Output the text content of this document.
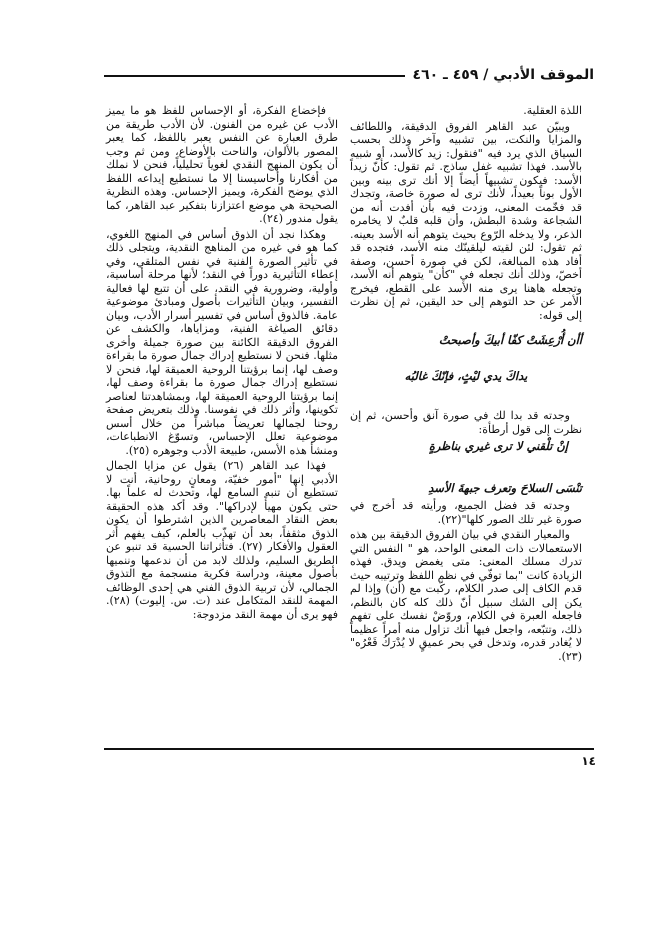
الموقف الأدبي / ٤٥٩ ـ ٤٦٠

اللذة العقلية.

ويبيّن عبد القاهر الفروق الدقيقة، واللطائف والمزايا والنكت، بين تشبيه وآخر وذلك بحسب السياق الذي يرد فيه "فنقول: زيد كالأسد، أو شبيه بالأسد. فهذا تشبيه غفل ساذج. ثم تقول: كأنّ زيداً الأسد: فيكون تشبيهاً أيضاً إلا أنك ترى بينه وبين الأول بوناً بعيداً، لأنك ترى له صورة خاصة، وتجدك قد فخّمت المعنى، وزدت فيه بأن أفدت أنه من الشجاعة وشدة البطش، وأن قلبه قلبٌ لا يخامره الذعر، ولا يدخله الرّوع بحيث يتوهم أنه الأسد بعينه. ثم تقول: لئن لقيته ليلقينّك منه الأسد، فتجده قد أفاد هذه المبالغة، لكن في صورة أحسن، وصفة أخصّ، وذلك أنك تجعله في "كأن" يتوهم أنه الأسد، وتجعله هاهنا يرى منه الأسد على القطع، فيخرج الأمر عن حد التوهم إلى حد اليقين، ثم إن نظرت إلى قوله:

أأن أُرْعِشَتْ كفّا أبيكَ وأصبحتْ
يداكَ يدي ليْثٍ، فإنّكَ غالبُه

وجدته قد بدا لك في صورة آنق وأحسن، ثم إن نظرت إلى قول أرطأة:

إنْ تلْقني لا ترى غيري بناظرةٍ
تنْسَى السلاحَ وتعرف جبهةَ الأسدِ

وجدته قد فضل الجميع، ورأيته قد أخرج في صورة غير تلك الصور كلها"(٢٢).

والمعيار النقدي في بيان الفروق الدقيقة بين هذه الاستعمالات ذات المعنى الواحد، هو " النفس التي تدرك مسلك المعنى: متى يغمض ويدق. فهذه الزيادة كانت "بما توفّي في نظم اللفظ وترتيبه حيث قدم الكاف إلى صدر الكلام، ركّبت مع (أن) وإذا لم يكن إلى الشك سبيل أنّ ذلك كله كان بالنظم، فاجعله العبرة في الكلام، وروّضْ نفسك على تفهم ذلك، وتتبّعه، واجعل فيها أنك تزاول منه أمراً عظيماً لا يُغادر قدره، وتدخل في بحر عميقٍ لا يُدْرَكُ قَعْرُه" (٢٣).

فإخضاع الفكرة، أو الإحساس للفظ هو ما يميز الأدب عن غيره من الفنون. لأن الأدب طريقة من طرق العبارة عن النفس يعبر باللفظ، كما يعبر المصور بالألوان، والناحت بالأوضاع، ومن ثم وجب أن يكون المنهج النقدي لغوياً تحليلياً، فنحن لا نملك من أفكارنا وأحاسيسنا إلا ما نستطيع إيداعه اللفظ الذي يوضح الفكرة، ويميز الإحساس. وهذه النظرية الصحيحة هي موضع اعتزازنا بتفكير عبد القاهر، كما يقول مندور (٢٤).

وهكذا نجد أن الذوق أساس في المنهج اللغوي، كما هو في غيره من المناهج النقدية، ويتجلى ذلك في تأثير الصورة الفنية في نفس المتلقي، وفي إعطاء التأثيرية دوراً في النقد؛ لأنها مرحلة أساسية، وأولية، وضرورية في النقد، على أن تتبع لها فعالية التفسير، وبيان التأثيرات بأصول ومبادئ موضوعية عامة. فالذوق أساس في تفسير أسرار الأدب، وبيان دقائق الصياغة الفنية، ومزاياها، والكشف عن الفروق الدقيقة الكائنة بين صورة جميلة وأخرى مثلها. فنحن لا نستطيع إدراك جمال صورة ما بقراءة وصف لها، إنما برؤيتنا الروحية العميقة لها، فنحن لا نستطيع إدراك جمال صورة ما بقراءة وصف لها، إنما برؤيتنا الروحية العميقة لها، وبمشاهدتنا لعناصر تكوينها، وأثر ذلك في نفوسنا. وذلك بتعريض صفحة روحنا لجمالها تعريضاً مباشراً من خلال أسس موضوعية تعلل الإحساس، وتسوّغ الانطباعات، ومنشأ هذه الأسس، طبيعة الأدب وجوهره (٢٥).

فهذا عبد القاهر (٢٦) يقول عن مزايا الجمال الأدبي إنها "أمور خفيّة، ومعانٍ روحانية، أنت لا تستطيع أن تنبه السامع لها، وتحدث له علماً بها. حتى يكون مهيأً لإدراكها". وقد أكد هذه الحقيقة بعض النقاد المعاصرين الذين اشترطوا أن يكون الذوق مثقفاً، بعد أن تهذّب بالعلم، كيف يفهم أثر العقول والأفكار (٢٧). فتأثراتنا الحسية قد تنبو عن الطريق السليم، ولذلك لابد من أن ندعمها وننميها بأصول معينة، ودراسة فكرية منسجمة مع التذوق الجمالي، لأن تربية الذوق الفني هي إحدى الوظائف المهمة للنقد المتكامل عند (ت. س. إليوت) (٢٨). فهو يرى أن مهمة النقد مزدوجة:

١٤
